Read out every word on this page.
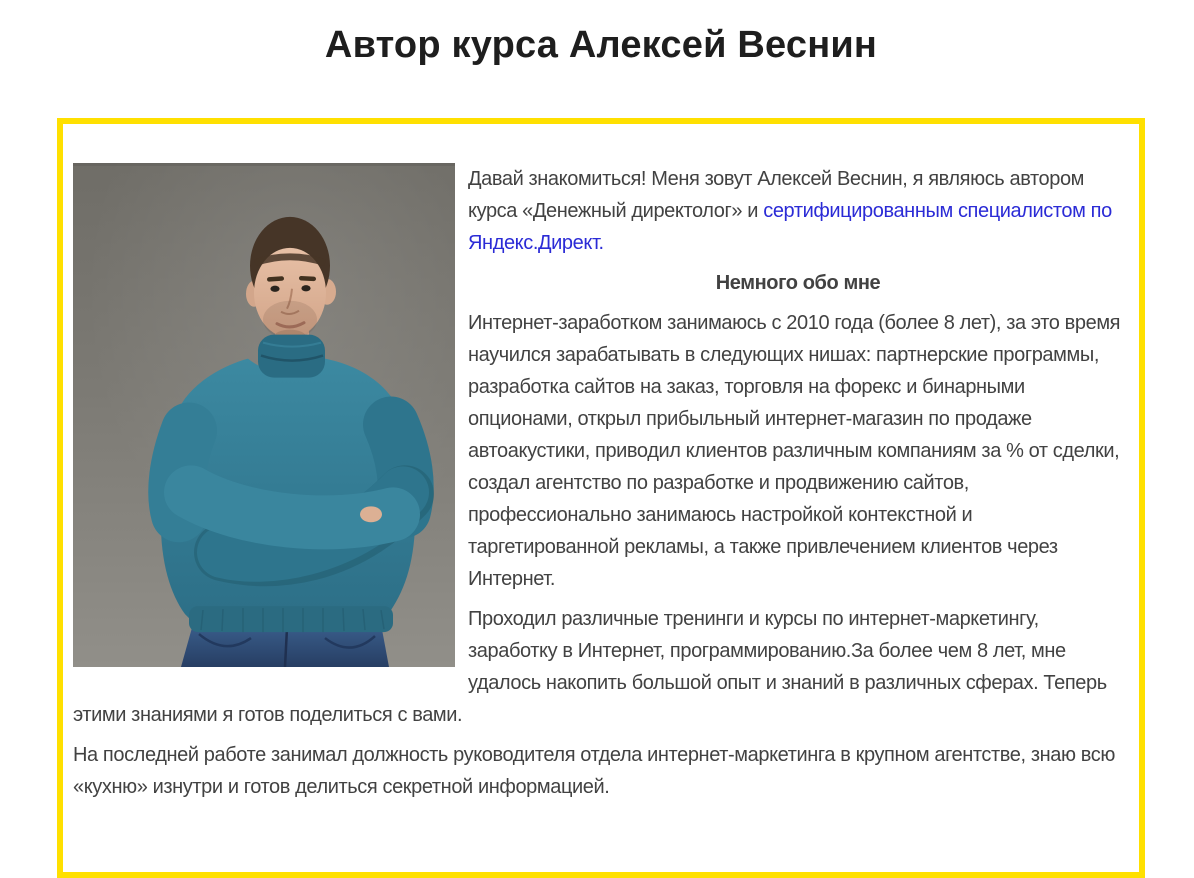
Автор курса Алексей Веснин

Давай знакомиться! Меня зовут Алексей Веснин, я являюсь автором курса «Денежный директолог» и сертифицированным специалистом по Яндекс.Директ.

Немного обо мне

Интернет-заработком занимаюсь с 2010 года (более 8 лет), за это время научился зарабатывать в следующих нишах: партнерские программы, разработка сайтов на заказ, торговля на форекс и бинарными опционами, открыл прибыльный интернет-магазин по продаже автоакустики, приводил клиентов различным компаниям за % от сделки, создал агентство по разработке и продвижению сайтов, профессионально занимаюсь настройкой контекстной и таргетированной рекламы, а также привлечением клиентов через Интернет.

Проходил различные тренинги и курсы по интернет-маркетингу, заработку в Интернет, программированию.За более чем 8 лет, мне удалось накопить большой опыт и знаний в различных сферах. Теперь этими знаниями я готов поделиться с вами.

На последней работе занимал должность руководителя отдела интернет-маркетинга в крупном агентстве, знаю всю «кухню» изнутри и готов делиться секретной информацией.
